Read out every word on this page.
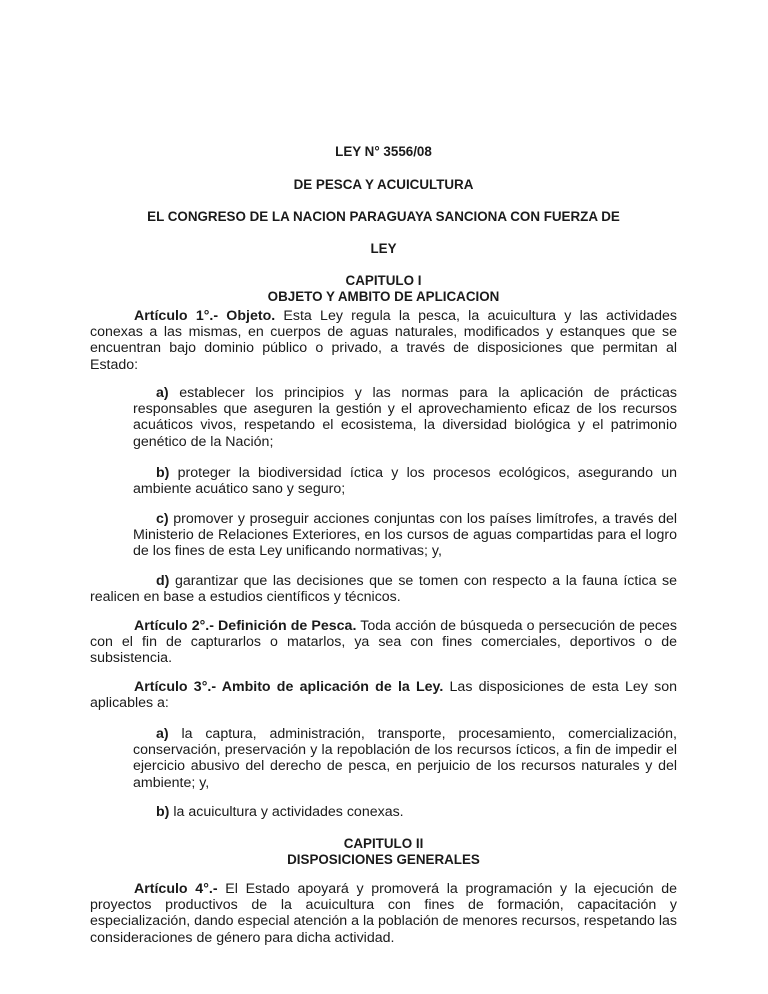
LEY N° 3556/08

DE PESCA Y ACUICULTURA

EL CONGRESO DE LA NACION PARAGUAYA SANCIONA CON FUERZA DE

LEY

CAPITULO I

OBJETO Y AMBITO DE APLICACION

Artículo 1°.- Objeto. Esta Ley regula la pesca, la acuicultura y las actividades conexas a las mismas, en cuerpos de aguas naturales, modificados y estanques que se encuentran bajo dominio público o privado, a través de disposiciones que permitan al Estado:

a) establecer los principios y las normas para la aplicación de prácticas responsables que aseguren la gestión y el aprovechamiento eficaz de los recursos acuáticos vivos, respetando el ecosistema, la diversidad biológica y el patrimonio genético de la Nación;

b) proteger la biodiversidad íctica y los procesos ecológicos, asegurando un ambiente acuático sano y seguro;

c) promover y proseguir acciones conjuntas con los países limítrofes, a través del Ministerio de Relaciones Exteriores, en los cursos de aguas compartidas para el logro de los fines de esta Ley unificando normativas; y,

d) garantizar que las decisiones que se tomen con respecto a la fauna íctica se realicen en base a estudios científicos y técnicos.

Artículo 2°.- Definición de Pesca. Toda acción de búsqueda o persecución de peces con el fin de capturarlos o matarlos, ya sea con fines comerciales, deportivos o de subsistencia.

Artículo 3°.- Ambito de aplicación de la Ley. Las disposiciones de esta Ley son aplicables a:

a) la captura, administración, transporte, procesamiento, comercialización, conservación, preservación y la repoblación de los recursos ícticos, a fin de impedir el ejercicio abusivo del derecho de pesca, en perjuicio de los recursos naturales y del ambiente; y,

b) la acuicultura y actividades conexas.

CAPITULO II

DISPOSICIONES GENERALES

Artículo 4°.- El Estado apoyará y promoverá la programación y la ejecución de proyectos productivos de la acuicultura con fines de formación, capacitación y especialización, dando especial atención a la población de menores recursos, respetando las consideraciones de género para dicha actividad.
